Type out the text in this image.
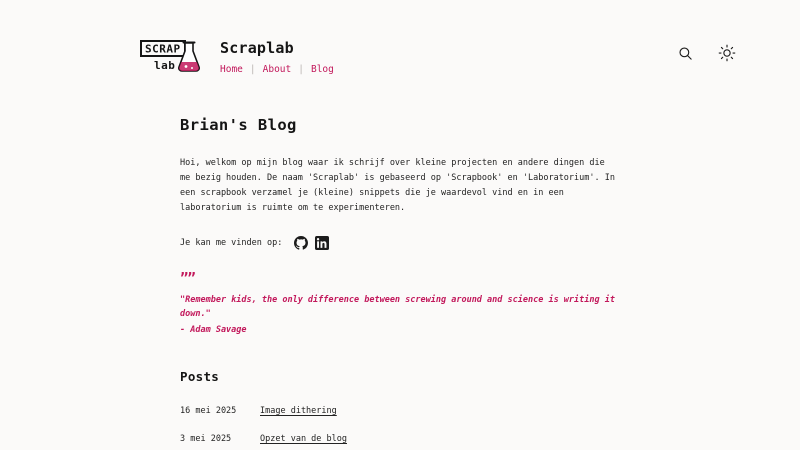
SCRAP
lab
Scraplab
Home | About | Blog
Brian's Blog

Hoi, welkom op mijn blog waar ik schrijf over kleine projecten en andere dingen die me bezig houden. De naam 'Scraplab' is gebaseerd op 'Scrapbook' en 'Laboratorium'. In een scrapbook verzamel je (kleine) snippets die je waardevol vind en in een laboratorium is ruimte om te experimenteren.

Je kan me vinden op:
””

"Remember kids, the only difference between screwing around and science is writing it down."

- Adam Savage

Posts
16 mei 2025	Image dithering
3 mei 2025	Opzet van de blog
